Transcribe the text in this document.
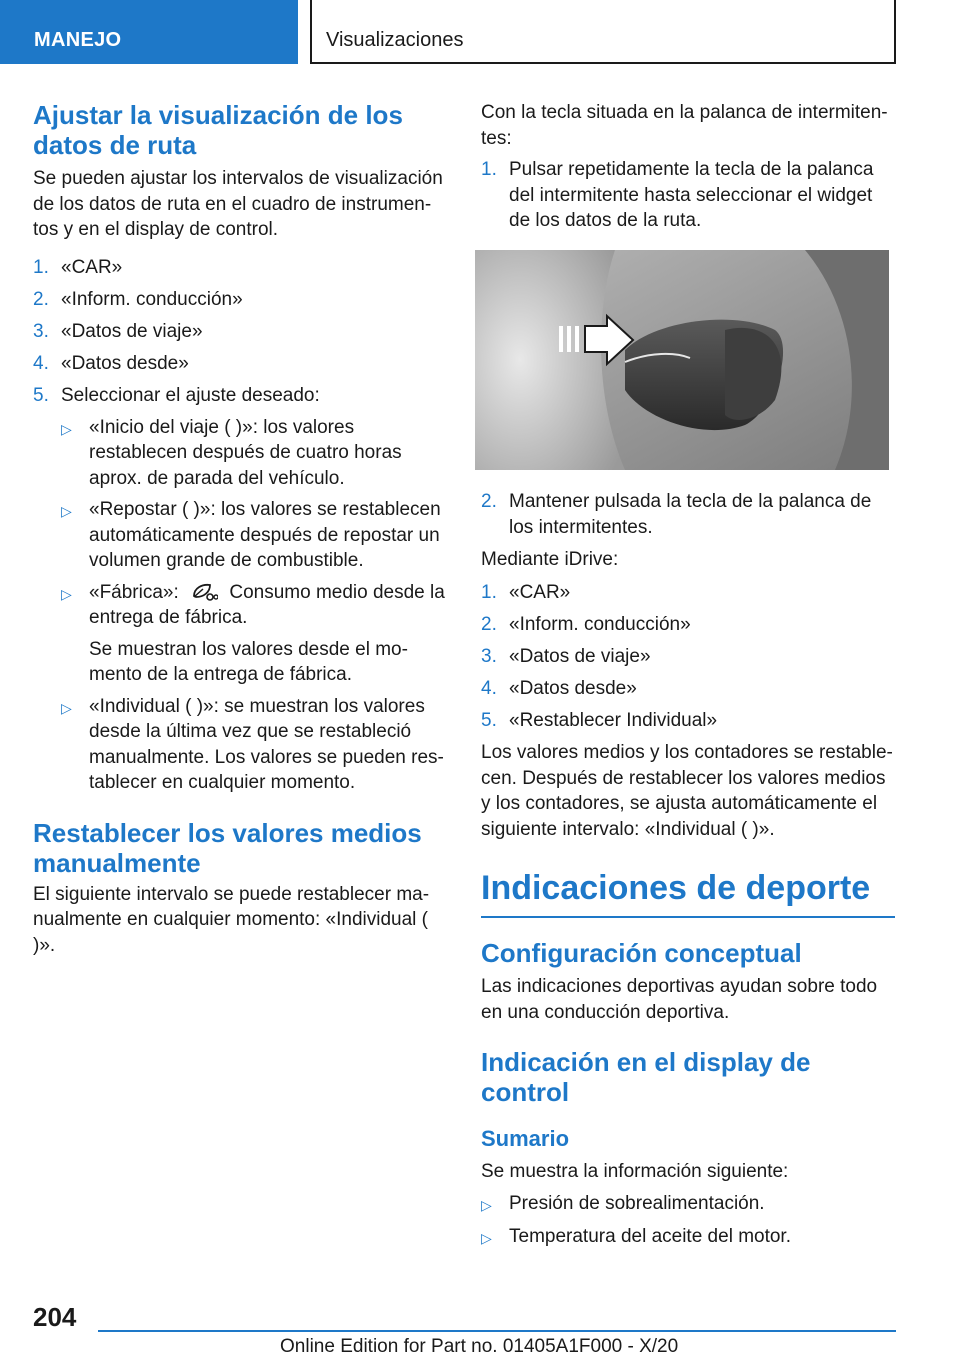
MANEJO	Visualizaciones
Ajustar la visualización de los datos de ruta

Se pueden ajustar los intervalos de visualización de los datos de ruta en el cuadro de instrumen-tos y en el display de control.

1. «CAR»
2. «Inform. conducción»
3. «Datos de viaje»
4. «Datos desde»
5. Seleccionar el ajuste deseado:
▷ «Inicio del viaje ( )»: los valores restablecen después de cuatro horas aprox. de parada del vehículo.
▷ «Repostar ( )»: los valores se restablecen automáticamente después de repostar un volumen grande de combustible.
▷ «Fábrica»:	Consumo medio desde la entrega de fábrica.

Se muestran los valores desde el mo-mento de la entrega de fábrica.

▷ «Individual ( )»: se muestran los valores desde la última vez que se restableció manualmente. Los valores se pueden res-tablecer en cualquier momento.
Restablecer los valores medios manualmente

El siguiente intervalo se puede restablecer ma-nualmente en cualquier momento: «Individual ( )».

Con la tecla situada en la palanca de intermiten-tes:

1. Pulsar repetidamente la tecla de la palanca del intermitente hasta seleccionar el widget de los datos de la ruta.
2. Mantener pulsada la tecla de la palanca de los intermitentes.

Mediante iDrive:

1. «CAR»
2. «Inform. conducción»
3. «Datos de viaje»
4. «Datos desde»
5. «Restablecer Individual»

Los valores medios y los contadores se restable-cen. Después de restablecer los valores medios y los contadores, se ajusta automáticamente el siguiente intervalo: «Individual ( )».

Indicaciones de deporte
Configuración conceptual

Las indicaciones deportivas ayudan sobre todo en una conducción deportiva.

Indicación en el display de control
Sumario

Se muestra la información siguiente:

▷ Presión de sobrealimentación.
▷ Temperatura del aceite del motor.
204
Online Edition for Part no. 01405A1F000 - X/20
